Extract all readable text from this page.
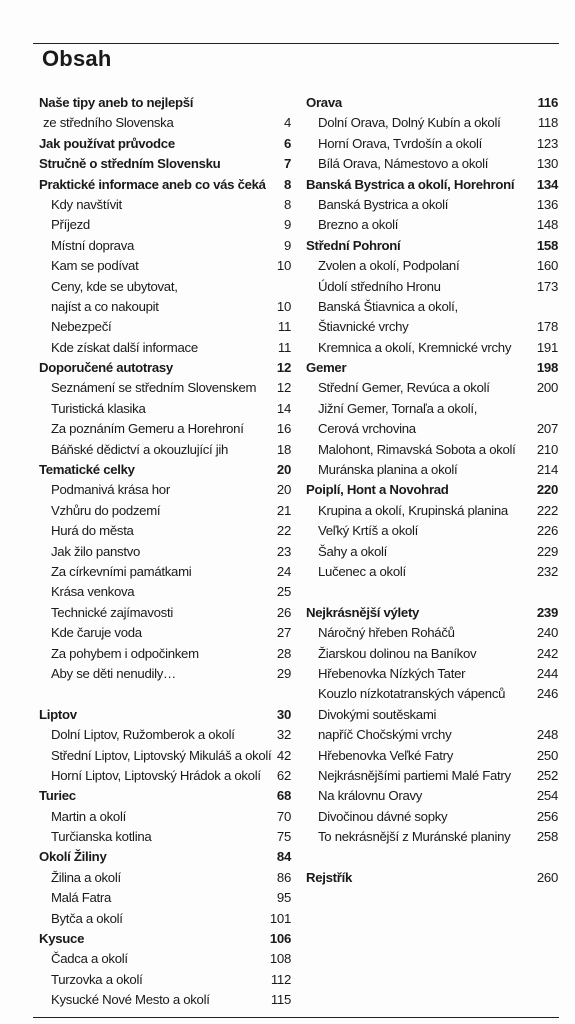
Obsah
Naše tipy aneb to nejlepší
ze středního Slovenska	4
Jak používat průvodce	6
Stručně o středním Slovensku	7
Praktické informace aneb co vás čeká 8
Kdy navštívit	8
Příjezd	9
Místní doprava	9
Kam se podívat	10
Ceny, kde se ubytovat,
najíst a co nakoupit	10
Nebezpečí	11
Kde získat další informace	11
Doporučené autotrasy	12
Seznámení se středním Slovenskem 12
Turistická klasika	14
Za poznáním Gemeru a Horehroní	16
Báňské dědictví a okouzlující jih	18
Tematické celky	20
Podmanivá krása hor	20
Vzhůru do podzemí	21
Hurá do města	22
Jak žilo panstvo	23
Za církevními památkami	24
Krása venkova	25
Technické zajímavosti	26
Kde čaruje voda	27
Za pohybem i odpočinkem	28
Aby se děti nenudily…	29
Liptov	30
Dolní Liptov, Ružomberok a okolí	32
Střední Liptov, Liptovský Mikuláš a okolí 42
Horní Liptov, Liptovský Hrádok a okolí 62
Turiec	68
Martin a okolí	70
Turčianska kotlina	75
Okolí Žiliny	84
Žilina a okolí	86
Malá Fatra	95
Bytča a okolí	101
Kysuce	106
Čadca a okolí	108
Turzovka a okolí	112
Kysucké Nové Mesto a okolí	115
Orava	116
Dolní Orava, Dolný Kubín a okolí	118
Horní Orava, Tvrdošín a okolí	123
Bílá Orava, Námestovo a okolí	130
Banská Bystrica a okolí, Horehroní 134
Banská Bystrica a okolí	136
Brezno a okolí	148
Střední Pohroní	158
Zvolen a okolí, Podpolaní	160
Údolí středního Hronu	173
Banská Štiavnica a okolí,
Štiavnické vrchy	178
Kremnica a okolí, Kremnické vrchy 191
Gemer	198
Střední Gemer, Revúca a okolí	200
Jižní Gemer, Tornaľa a okolí,
Cerová vrchovina	207
Malohont, Rimavská Sobota a okolí 210
Muránska planina a okolí	214
Poiplí, Hont a Novohrad	220
Krupina a okolí, Krupinská planina 222
Veľký Krtíš a okolí	226
Šahy a okolí	229
Lučenec a okolí	232
Nejkrásnější výlety	239
Náročný hřeben Roháčů	240
Žiarskou dolinou na Baníkov	242
Hřebenovka Nízkých Tater	244
Kouzlo nízkotatranských vápenců 246
Divokými soutěskami
napříč Chočskými vrchy	248
Hřebenovka Veľké Fatry	250
Nejkrásnějšími partiemi Malé Fatry 252
Na královnu Oravy	254
Divočinou dávné sopky	256
To nekrásnější z Muránské planiny 258
Rejstřík	260
